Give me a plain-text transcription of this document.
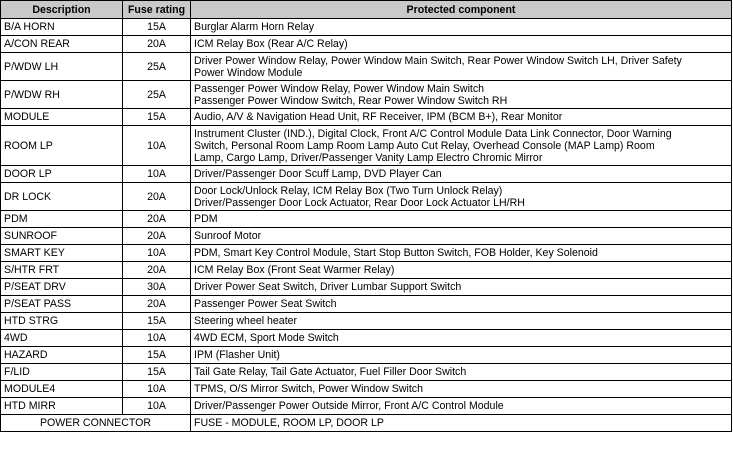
Description	Fuse rating	Protected component
B/A HORN	15A	Burglar Alarm Horn Relay

A/CON REAR	20A	ICM Relay Box (Rear A/C Relay)

P/WDW LH	25A	Driver Power Window Relay, Power Window Main Switch, Rear Power Window Switch LH, Driver Safety
Power Window Module

P/WDW RH	25A	Passenger Power Window Relay, Power Window Main Switch
Passenger Power Window Switch, Rear Power Window Switch RH

MODULE	15A	Audio, A/V & Navigation Head Unit, RF Receiver, IPM (BCM B+), Rear Monitor

ROOM LP	10A	Instrument Cluster (IND.), Digital Clock, Front A/C Control Module Data Link Connector, Door Warning
Switch, Personal Room Lamp Room Lamp Auto Cut Relay, Overhead Console (MAP Lamp) Room
Lamp, Cargo Lamp, Driver/Passenger Vanity Lamp Electro Chromic Mirror

DOOR LP	10A	Driver/Passenger Door Scuff Lamp, DVD Player Can

DR LOCK	20A	Door Lock/Unlock Relay, ICM Relay Box (Two Turn Unlock Relay)
Driver/Passenger Door Lock Actuator, Rear Door Lock Actuator LH/RH

PDM	20A	PDM

SUNROOF	20A	Sunroof Motor

SMART KEY	10A	PDM, Smart Key Control Module, Start Stop Button Switch, FOB Holder, Key Solenoid

S/HTR FRT	20A	ICM Relay Box (Front Seat Warmer Relay)

P/SEAT DRV	30A	Driver Power Seat Switch, Driver Lumbar Support Switch

P/SEAT PASS	20A	Passenger Power Seat Switch

HTD STRG	15A	Steering wheel heater

4WD	10A	4WD ECM, Sport Mode Switch

HAZARD	15A	IPM (Flasher Unit)

F/LID	15A	Tail Gate Relay, Tail Gate Actuator, Fuel Filler Door Switch

MODULE4	10A	TPMS, O/S Mirror Switch, Power Window Switch

HTD MIRR	10A	Driver/Passenger Power Outside Mirror, Front A/C Control Module

POWER CONNECTOR		FUSE - MODULE, ROOM LP, DOOR LP
